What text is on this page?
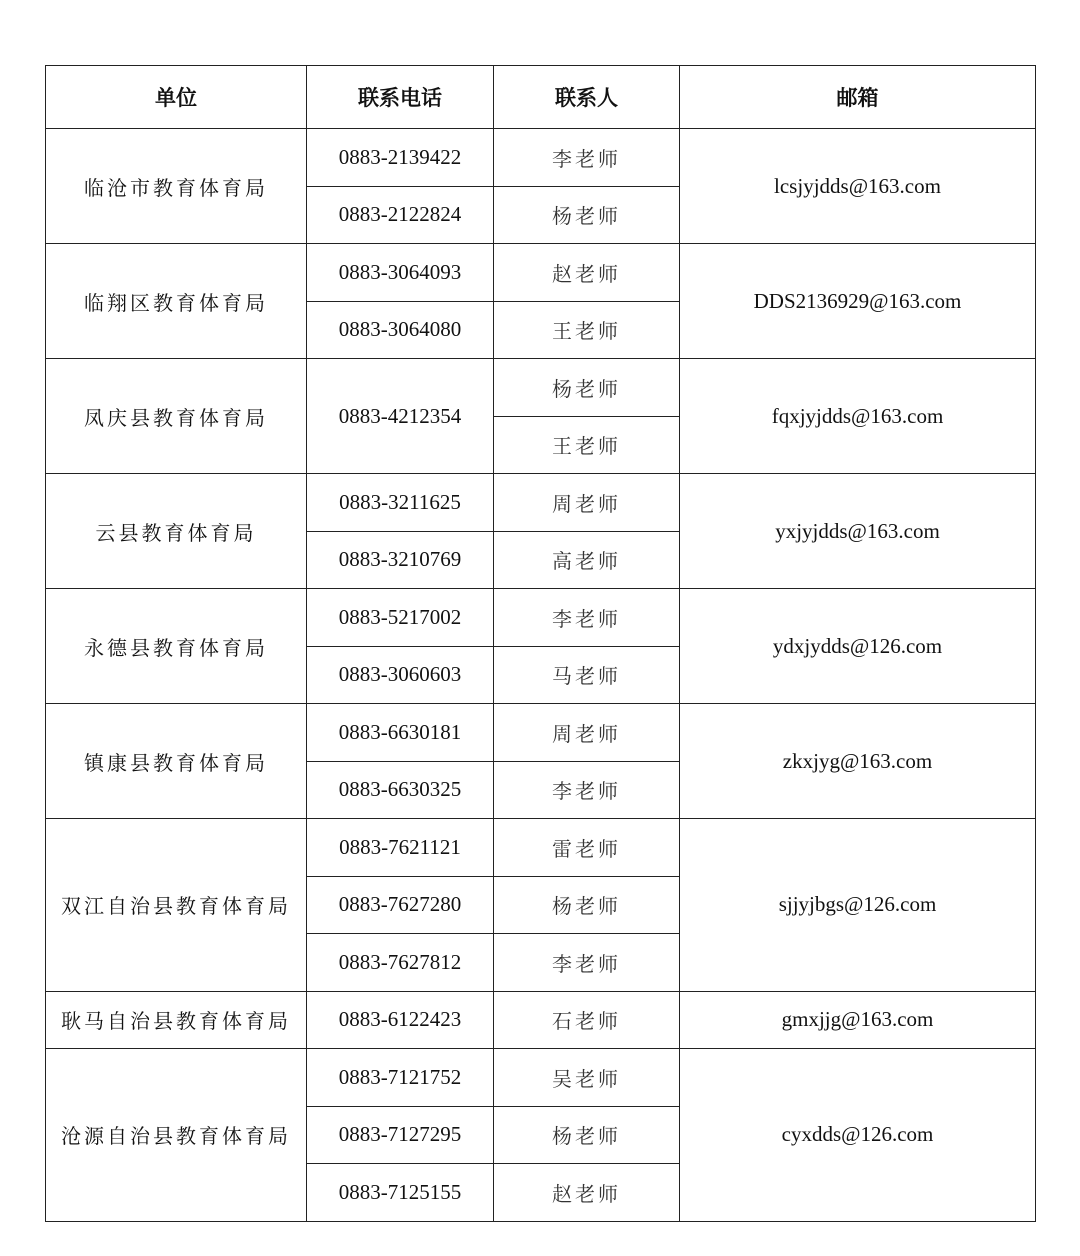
单位	联系电话	联系人	邮箱
临沧市教育体育局	0883-2139422	李老师	lcsjyjdds@163.com
	0883-2122824	杨老师	
临翔区教育体育局	0883-3064093	赵老师	DDS2136929@163.com
	0883-3064080	王老师	
凤庆县教育体育局	0883-4212354	杨老师	fqxjyjdds@163.com
		王老师	
云县教育体育局	0883-3211625	周老师	yxjyjdds@163.com
	0883-3210769	高老师	
永德县教育体育局	0883-5217002	李老师	ydxjydds@126.com
	0883-3060603	马老师	
镇康县教育体育局	0883-6630181	周老师	zkxjyg@163.com
	0883-6630325	李老师	
双江自治县教育体育局	0883-7621121	雷老师	sjjyjbgs@126.com
	0883-7627280	杨老师	
	0883-7627812	李老师	
耿马自治县教育体育局	0883-6122423	石老师	gmxjjg@163.com
沧源自治县教育体育局	0883-7121752	吴老师	cyxdds@126.com
	0883-7127295	杨老师	
	0883-7125155	赵老师	
